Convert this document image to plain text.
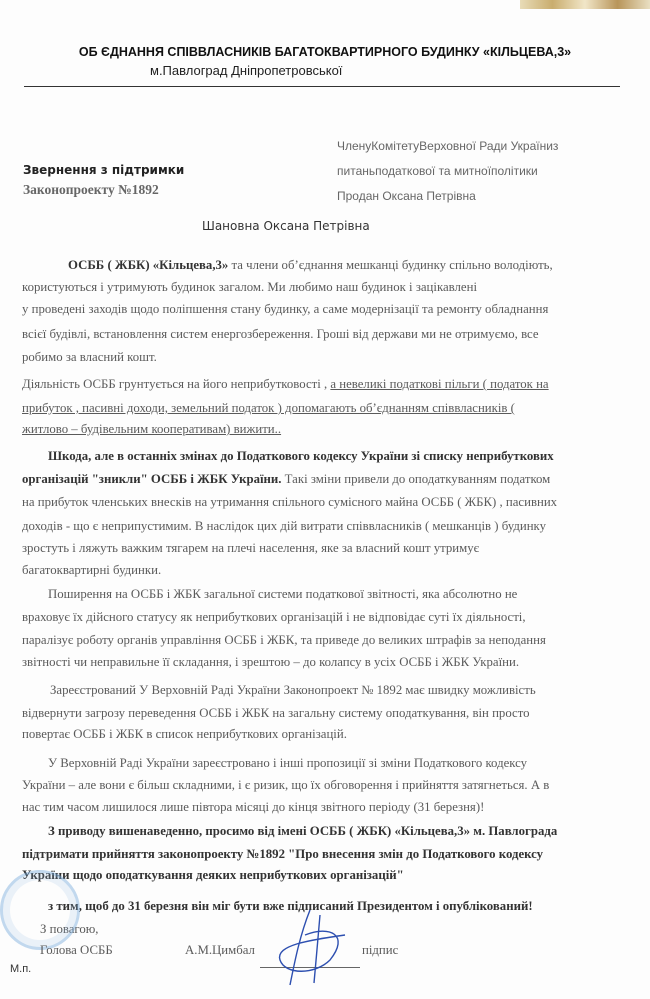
ОБ ЄДНАННЯ СПІВВЛАСНИКІВ БАГАТОКВАРТИРНОГО БУДИНКУ «КІЛЬЦЕВА,3»
м.Павлоград Дніпропетровської
ЧленуКомітетуВерховної Ради Україниз
питаньподаткової та митноїполітики
Продан Оксана Петрівна
Звернення з підтримки
Законопроекту №1892
Шановна Оксана Петрівна
ОСББ ( ЖБК) «Кільцева,3» та члени об’єднання мешканці будинку спільно володіють,
користуються і утримують будинок загалом. Ми любимо наш будинок і зацікавлені
у проведені заходів щодо поліпшення стану будинку, а саме модернізації та ремонту обладнання
всієї будівлі, встановлення систем енергозбереження. Гроші від держави ми не отримуємо, все
робимо за власний кошт.
Діяльність ОСББ грунтується на його неприбутковості , а невеликі податкові пільги ( податок на
прибуток , пасивні доходи, земельний податок ) допомагають об’єднанням співвласників (
житлово – будівельним кооперативам) вижити..
Шкода, але в останніх змінах до Податкового кодексу України зі списку неприбуткових
організацій "зникли" ОСББ і ЖБК України. Такі зміни привели до оподаткуванням податком
на прибуток членських внесків на утримання спільного сумісного майна ОСББ ( ЖБК) , пасивних
доходів - що є неприпустимим. В наслідок цих дій витрати співвласників ( мешканців ) будинку
зростуть і ляжуть важким тягарем на плечі населення, яке за власний кошт утримує
багатоквартирні будинки.
Поширення на ОСББ і ЖБК загальної системи податкової звітності, яка абсолютно не
враховує їх дійсного статусу як неприбуткових організацій і не відповідає суті їх діяльності,
паралізує роботу органів управління ОСББ і ЖБК, та приведе до великих штрафів за неподання
звітності чи неправильне її складання, і зрештою – до колапсу в усіх ОСББ і ЖБК України.
Зареєстрований У Верховній Раді України Законопроект № 1892 має швидку можливість
відвернути загрозу переведення ОСББ і ЖБК на загальну систему оподаткування, він просто
повертає ОСББ і ЖБК в список неприбуткових організацій.
У Верховній Раді України зареєстровано і інші пропозиції зі зміни Податкового кодексу
України – але вони є більш складними, і є ризик, що їх обговорення і прийняття затягнеться. А в
нас тим часом лишилося лише півтора місяці до кінця звітного періоду (31 березня)!
З приводу вишенаведенно, просимо від імені ОСББ ( ЖБК) «Кільцева,3» м. Павлограда
підтримати прийняття законопроекту №1892 "Про внесення змін до Податкового кодексу
України щодо оподаткування деяких неприбуткових організацій"
з тим, щоб до 31 березня він міг бути вже підписаний Президентом і опублікований!
З повагою,
Голова ОСББ	А.М.Цимбал	підпис
М.п.
